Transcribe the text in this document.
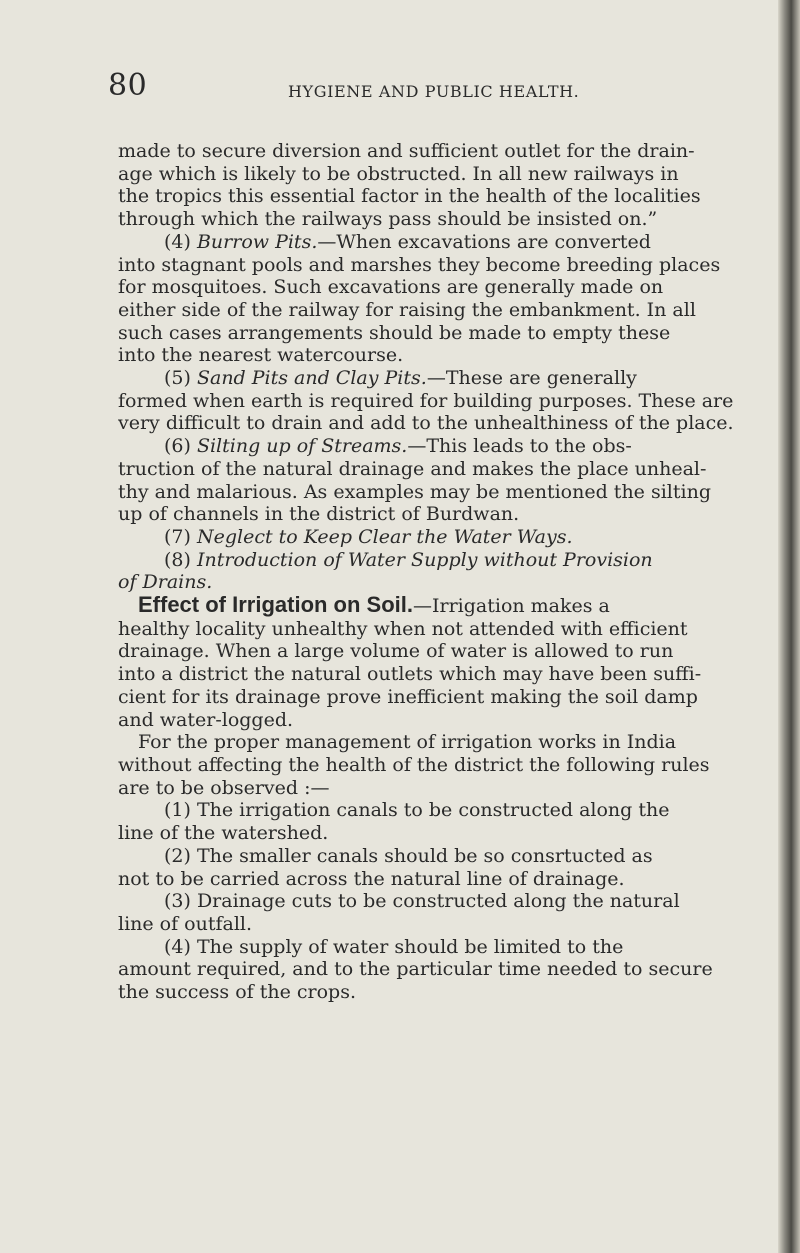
80	HYGIENE AND PUBLIC HEALTH.
made to secure diversion and sufficient outlet for the drain-
age which is likely to be obstructed. In all new railways in
the tropics this essential factor in the health of the localities
through which the railways pass should be insisted on.”
(4) Burrow Pits.—When excavations are converted
into stagnant pools and marshes they become breeding places
for mosquitoes. Such excavations are generally made on
either side of the railway for raising the embankment. In all
such cases arrangements should be made to empty these
into the nearest watercourse.
(5) Sand Pits and Clay Pits.—These are generally
formed when earth is required for building purposes. These are
very difficult to drain and add to the unhealthiness of the place.
(6) Silting up of Streams.—This leads to the obs-
truction of the natural drainage and makes the place unheal-
thy and malarious. As examples may be mentioned the silting
up of channels in the district of Burdwan.
(7) Neglect to Keep Clear the Water Ways.
(8) Introduction of Water Supply without Provision
of Drains.
Effect of Irrigation on Soil.—Irrigation makes a
healthy locality unhealthy when not attended with efficient
drainage. When a large volume of water is allowed to run
into a district the natural outlets which may have been suffi-
cient for its drainage prove inefficient making the soil damp
and water-logged.
For the proper management of irrigation works in India
without affecting the health of the district the following rules
are to be observed :—
(1) The irrigation canals to be constructed along the
line of the watershed.
(2) The smaller canals should be so consrtucted as
not to be carried across the natural line of drainage.
(3) Drainage cuts to be constructed along the natural
line of outfall.
(4) The supply of water should be limited to the
amount required, and to the particular time needed to secure
the success of the crops.
